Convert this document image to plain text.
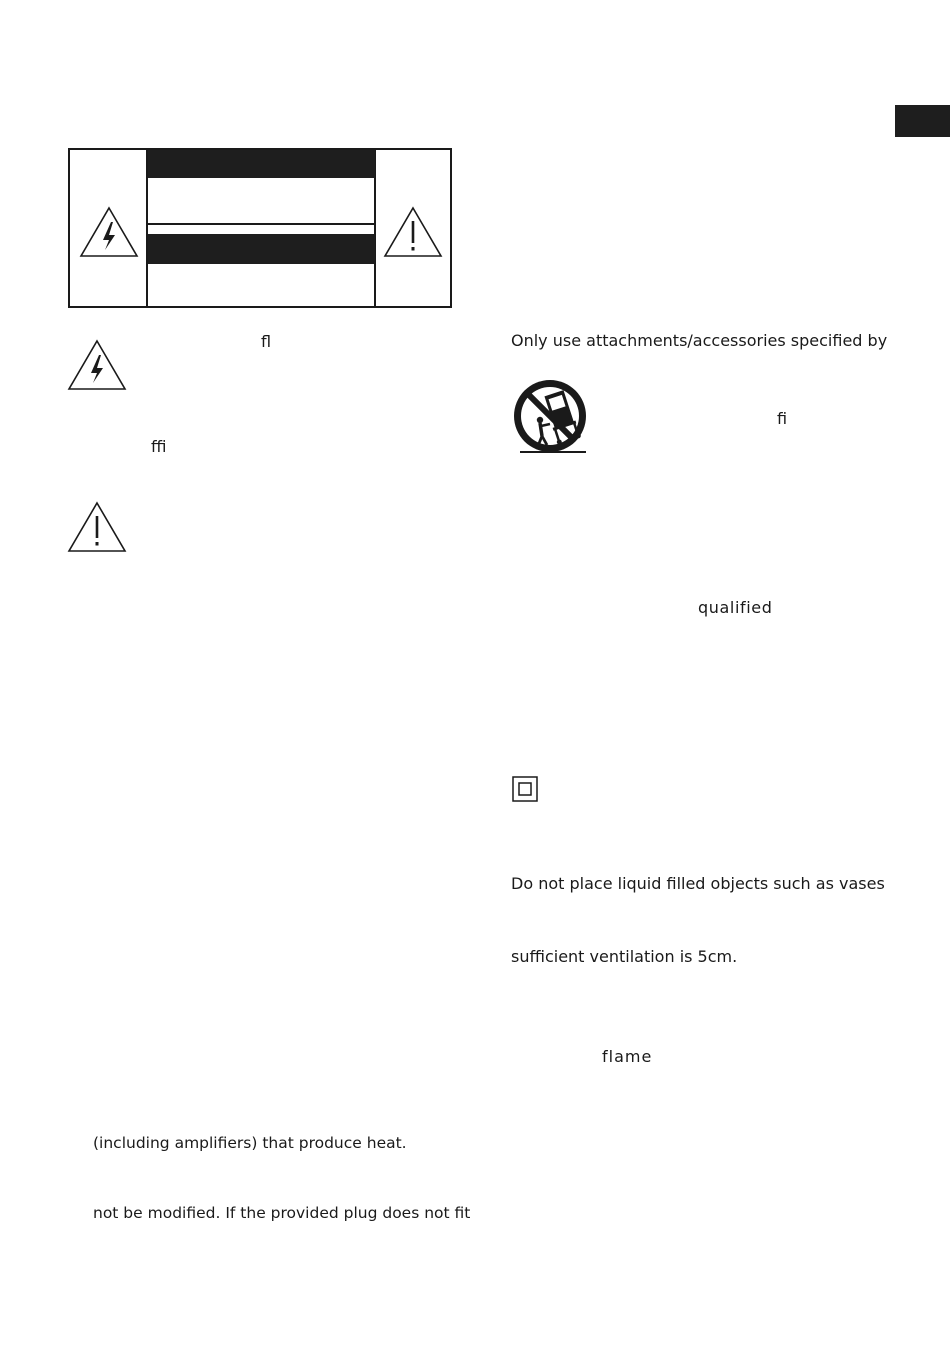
ﬂ
ﬃ
(including amplifiers) that produce heat.
not be modified. If the provided plug does not fit
Only use attachments/accessories specified by
ﬁ
qualified
Do not place liquid filled objects such as vases
sufficient ventilation is 5cm.
flame
